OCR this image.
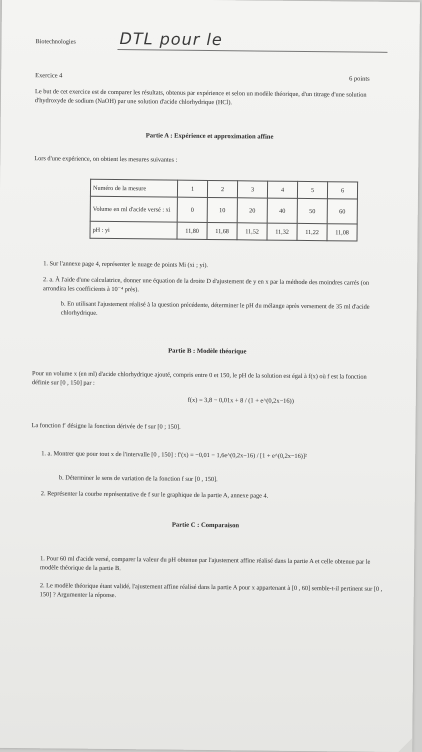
Biotechnologies	DTL pour le
Exercice 4	6 points
Le but de cet exercice est de comparer les résultats, obtenus par expérience et selon un modèle théorique, d'un titrage d'une solution d'hydroxyde de sodium (NaOH) par une solution d'acide chlorhydrique (HCl).
Partie A : Expérience et approximation affine
Lors d'une expérience, on obtient les mesures suivantes :
Numéro de la mesure	1	2	3	4	5	6
Volume en ml d'acide versé : xi	0	10	20	40	50	60
pH : yi	11,80	11,68	11,52	11,32	11,22	11,08
1. Sur l'annexe page 4, représenter le nuage de points Mi (xi ; yi).
2. a. À l'aide d'une calculatrice, donner une équation de la droite D d'ajustement de y en x par la méthode des moindres carrés (on arrondira les coefficients à 10⁻⁴ près).
b. En utilisant l'ajustement réalisé à la question précédente, déterminer le pH du mélange après versement de 35 ml d'acide chlorhydrique.
Partie B : Modèle théorique
Pour un volume x (en ml) d'acide chlorhydrique ajouté, compris entre 0 et 150, le pH de la solution est égal à f(x) où f est la fonction définie sur [0 , 150] par :
f(x) = 3,8 − 0,01x + 8 / (1 + e^(0,2x−16))
La fonction f′ désigne la fonction dérivée de f sur [0 ; 150].
1. a. Montrer que pour tout x de l'intervalle [0 , 150] : f′(x) = −0,01 − 1,6e^(0,2x−16) / [1 + e^(0,2x−16)]²
b. Déterminer le sens de variation de la fonction f sur [0 , 150].
2. Représenter la courbe représentative de f sur le graphique de la partie A, annexe page 4.
Partie C : Comparaison
1. Pour 60 ml d'acide versé, comparer la valeur du pH obtenue par l'ajustement affine réalisé dans la partie A et celle obtenue par le modèle théorique de la partie B.
2. Le modèle théorique étant validé, l'ajustement affine réalisé dans la partie A pour x appartenant à [0 , 60] semble-t-il pertinent sur [0 , 150] ? Argumenter la réponse.
